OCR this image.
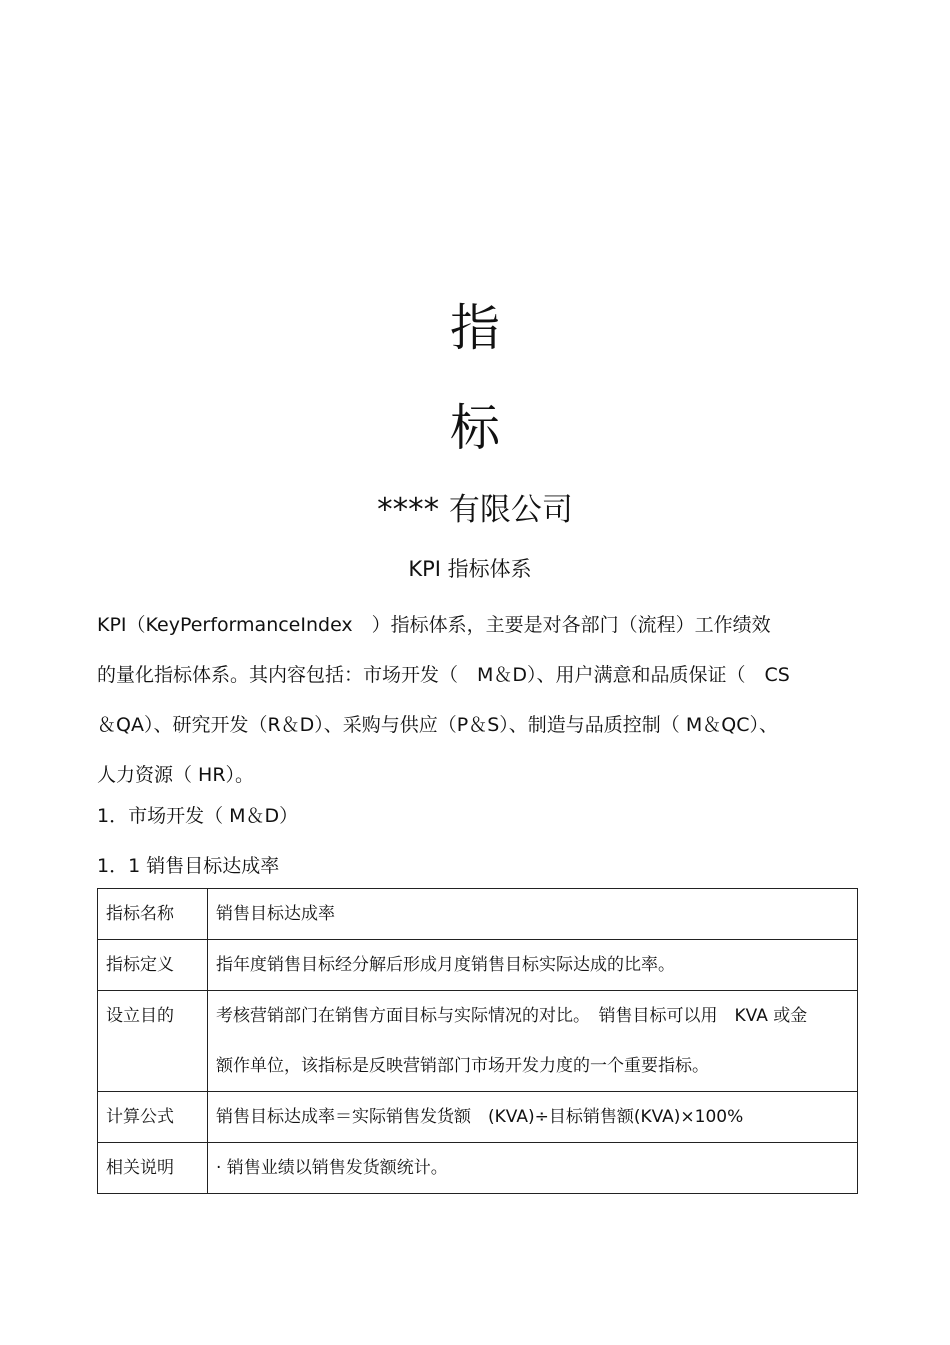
指
标
**** 有限公司
KPI 指标体系
KPI（KeyPerformanceIndex　）指标体系，主要是对各部门（流程）工作绩效
的量化指标体系。其内容包括：市场开发（　M＆D）、用户满意和品质保证（　CS
＆QA）、研究开发（R＆D）、采购与供应（P＆S）、制造与品质控制（ M＆QC）、
人力资源（ HR）。
1．市场开发（ M＆D）
1．1 销售目标达成率
指标名称	销售目标达成率

指标定义	指年度销售目标经分解后形成月度销售目标实际达成的比率。

设立目的	考核营销部门在销售方面目标与实际情况的对比。　销售目标可以用　KVA 或金
额作单位，该指标是反映营销部门市场开发力度的一个重要指标。

计算公式	销售目标达成率＝实际销售发货额　(KVA)÷目标销售额(KVA)×100%

相关说明	· 销售业绩以销售发货额统计。
